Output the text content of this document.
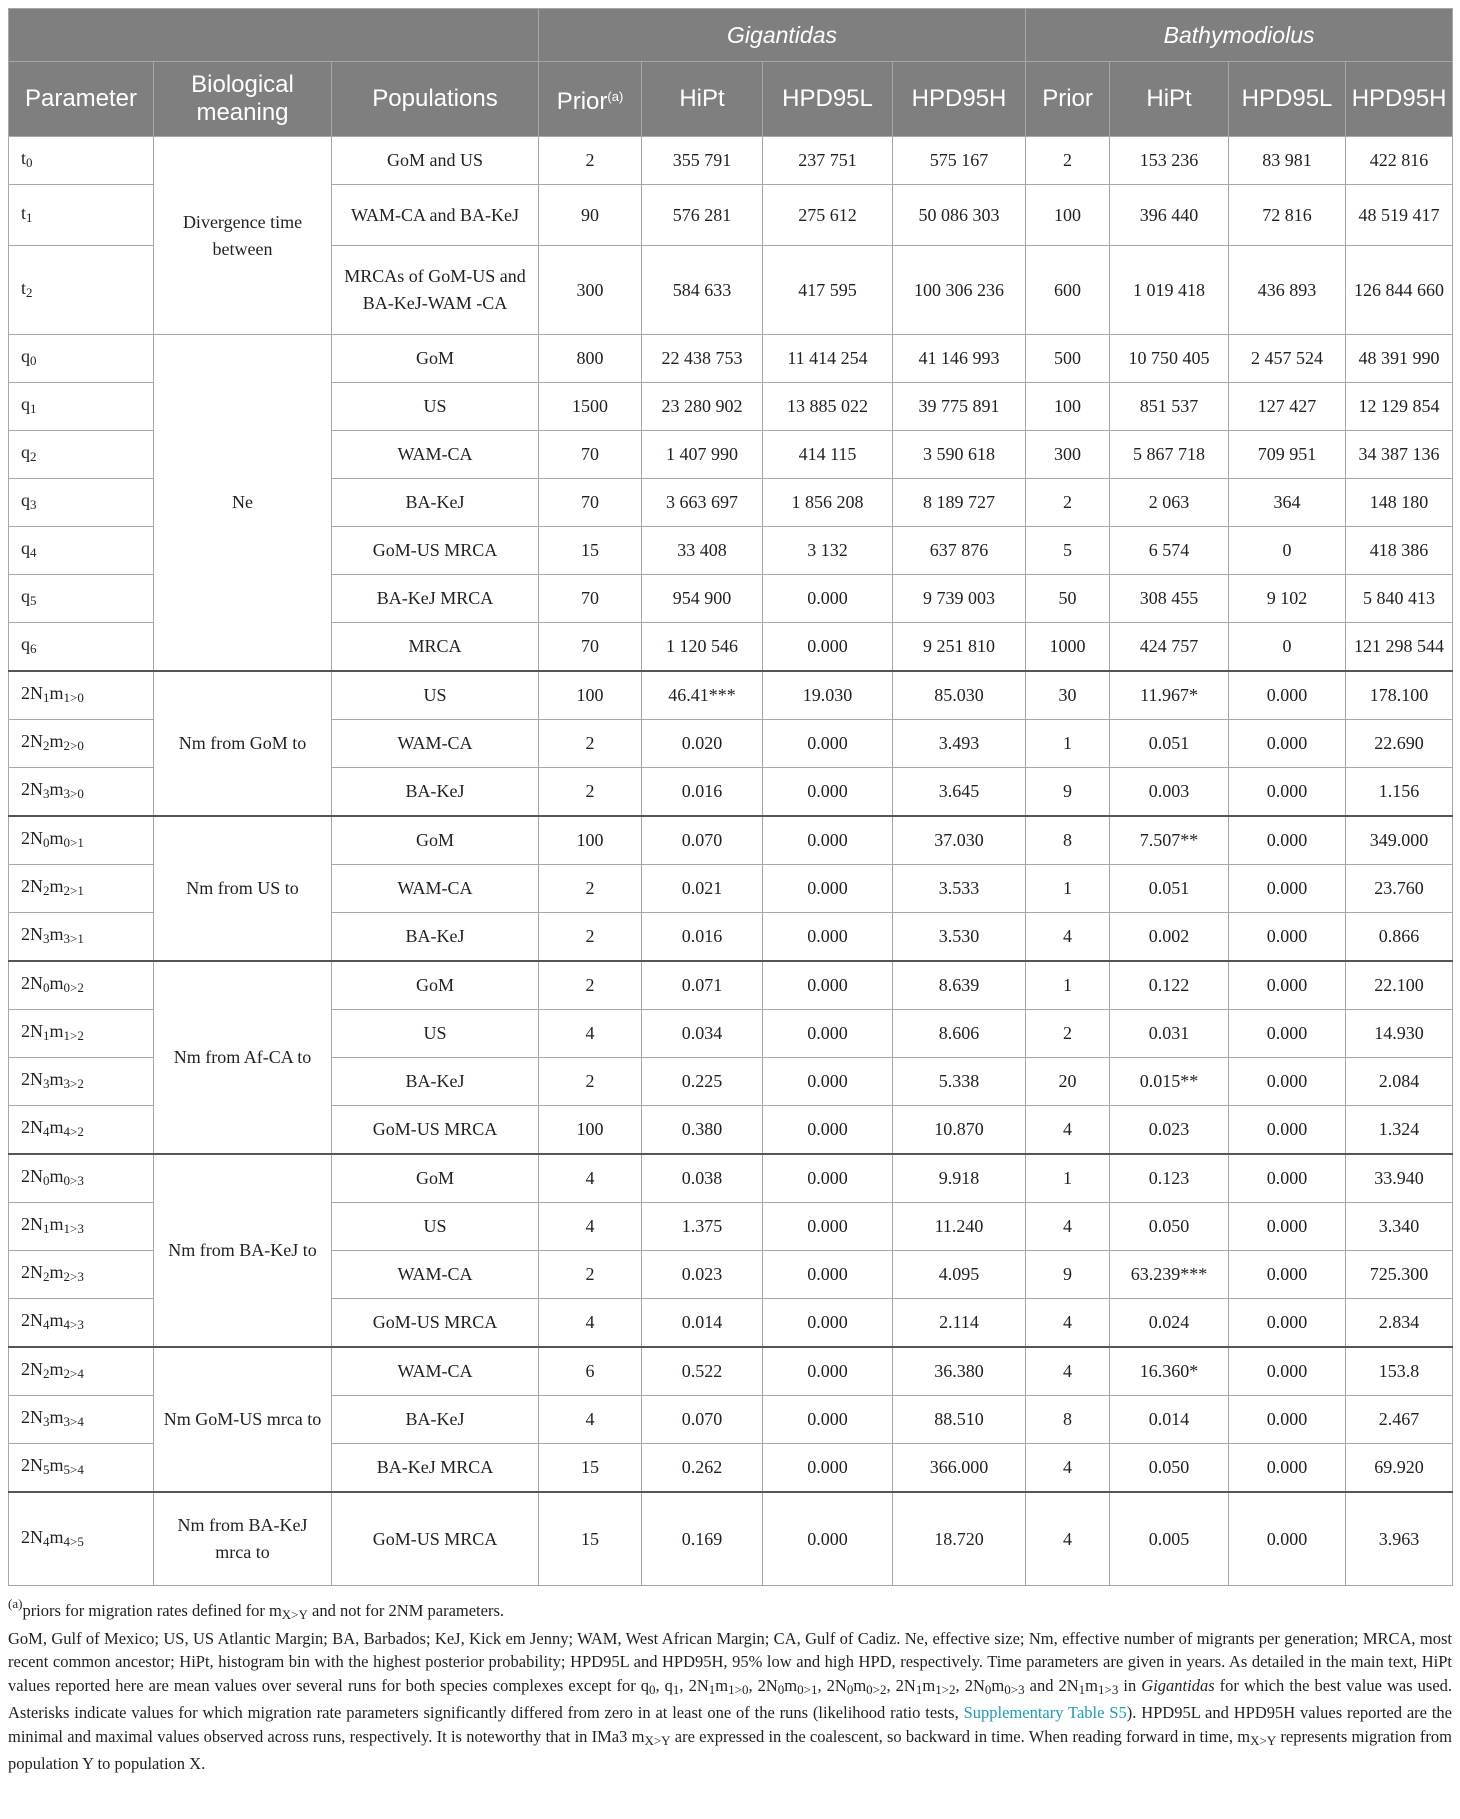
			Gigantidas				Bathymodiolus			
Parameter	Biological meaning	Populations	Prior$^{(a)}$	HiPt	HPD95L	HPD95H	Prior	HiPt	HPD95L	HPD95H
$t_0$	Divergence time between	GoM and US	2	355 791	237 751	575 167	2	153 236	83 981	422 816
$t_1$		WAM-CA and BA-KeJ	90	576 281	275 612	50 086 303	100	396 440	72 816	48 519 417
$t_2$		MRCAs of GoM-US and BA-KeJ-WAM -CA	300	584 633	417 595	100 306 236	600	1 019 418	436 893	126 844 660
$q_0$	Ne	GoM	800	22 438 753	11 414 254	41 146 993	500	10 750 405	2 457 524	48 391 990
$q_1$		US	1500	23 280 902	13 885 022	39 775 891	100	851 537	127 427	12 129 854
$q_2$		WAM-CA	70	1 407 990	414 115	3 590 618	300	5 867 718	709 951	34 387 136
$q_3$		BA-KeJ	70	3 663 697	1 856 208	8 189 727	2	2 063	364	148 180
$q_4$		GoM-US MRCA	15	33 408	3 132	637 876	5	6 574	0	418 386
$q_5$		BA-KeJ MRCA	70	954 900	0.000	9 739 003	50	308 455	9 102	5 840 413
$q_6$		MRCA	70	1 120 546	0.000	9 251 810	1000	424 757	0	121 298 544
$2N_1m_{1>0}$	Nm from GoM to	US	100	46.41***	19.030	85.030	30	11.967*	0.000	178.100
$2N_2m_{2>0}$		WAM-CA	2	0.020	0.000	3.493	1	0.051	0.000	22.690
$2N_3m_{3>0}$		BA-KeJ	2	0.016	0.000	3.645	9	0.003	0.000	1.156
$2N_0m_{0>1}$	Nm from US to	GoM	100	0.070	0.000	37.030	8	7.507**	0.000	349.000
$2N_2m_{2>1}$		WAM-CA	2	0.021	0.000	3.533	1	0.051	0.000	23.760
$2N_3m_{3>1}$		BA-KeJ	2	0.016	0.000	3.530	4	0.002	0.000	0.866
$2N_0m_{0>2}$	Nm from Af-CA to	GoM	2	0.071	0.000	8.639	1	0.122	0.000	22.100
$2N_1m_{1>2}$		US	4	0.034	0.000	8.606	2	0.031	0.000	14.930
$2N_3m_{3>2}$		BA-KeJ	2	0.225	0.000	5.338	20	0.015**	0.000	2.084
$2N_4m_{4>2}$		GoM-US MRCA	100	0.380	0.000	10.870	4	0.023	0.000	1.324
$2N_0m_{0>3}$	Nm from BA-KeJ to	GoM	4	0.038	0.000	9.918	1	0.123	0.000	33.940
$2N_1m_{1>3}$		US	4	1.375	0.000	11.240	4	0.050	0.000	3.340
$2N_2m_{2>3}$		WAM-CA	2	0.023	0.000	4.095	9	63.239***	0.000	725.300
$2N_4m_{4>3}$		GoM-US MRCA	4	0.014	0.000	2.114	4	0.024	0.000	2.834
$2N_2m_{2>4}$	Nm GoM-US mrca to	WAM-CA	6	0.522	0.000	36.380	4	16.360*	0.000	153.8
$2N_3m_{3>4}$		BA-KeJ	4	0.070	0.000	88.510	8	0.014	0.000	2.467
$2N_5m_{5>4}$		BA-KeJ MRCA	15	0.262	0.000	366.000	4	0.050	0.000	69.920
$2N_4m_{4>5}$	Nm from BA-KeJ mrca to	GoM-US MRCA	15	0.169	0.000	18.720	4	0.005	0.000	3.963

$^{(a)}$priors for migration rates defined for $m_{X>Y}$ and not for 2NM parameters.

GoM, Gulf of Mexico; US, US Atlantic Margin; BA, Barbados; KeJ, Kick em Jenny; WAM, West African Margin; CA, Gulf of Cadiz. Ne, effective size; Nm, effective number of migrants per generation; MRCA, most recent common ancestor; HiPt, histogram bin with the highest posterior probability; HPD95L and HPD95H, 95% low and high HPD, respectively. Time parameters are given in years. As detailed in the main text, HiPt values reported here are mean values over several runs for both species complexes except for $q_0$, $q_1$, $2N_1m_{1>0}$, $2N_0m_{0>1}$, $2N_0m_{0>2}$, $2N_1m_{1>2}$, $2N_0m_{0>3}$ and $2N_1m_{1>3}$ in Gigantidas for which the best value was used. Asterisks indicate values for which migration rate parameters significantly differed from zero in at least one of the runs (likelihood ratio tests, Supplementary Table S5). HPD95L and HPD95H values reported are the minimal and maximal values observed across runs, respectively. It is noteworthy that in IMa3 $m_{X>Y}$ are expressed in the coalescent, so backward in time. When reading forward in time, $m_{X>Y}$ represents migration from population Y to population X.
